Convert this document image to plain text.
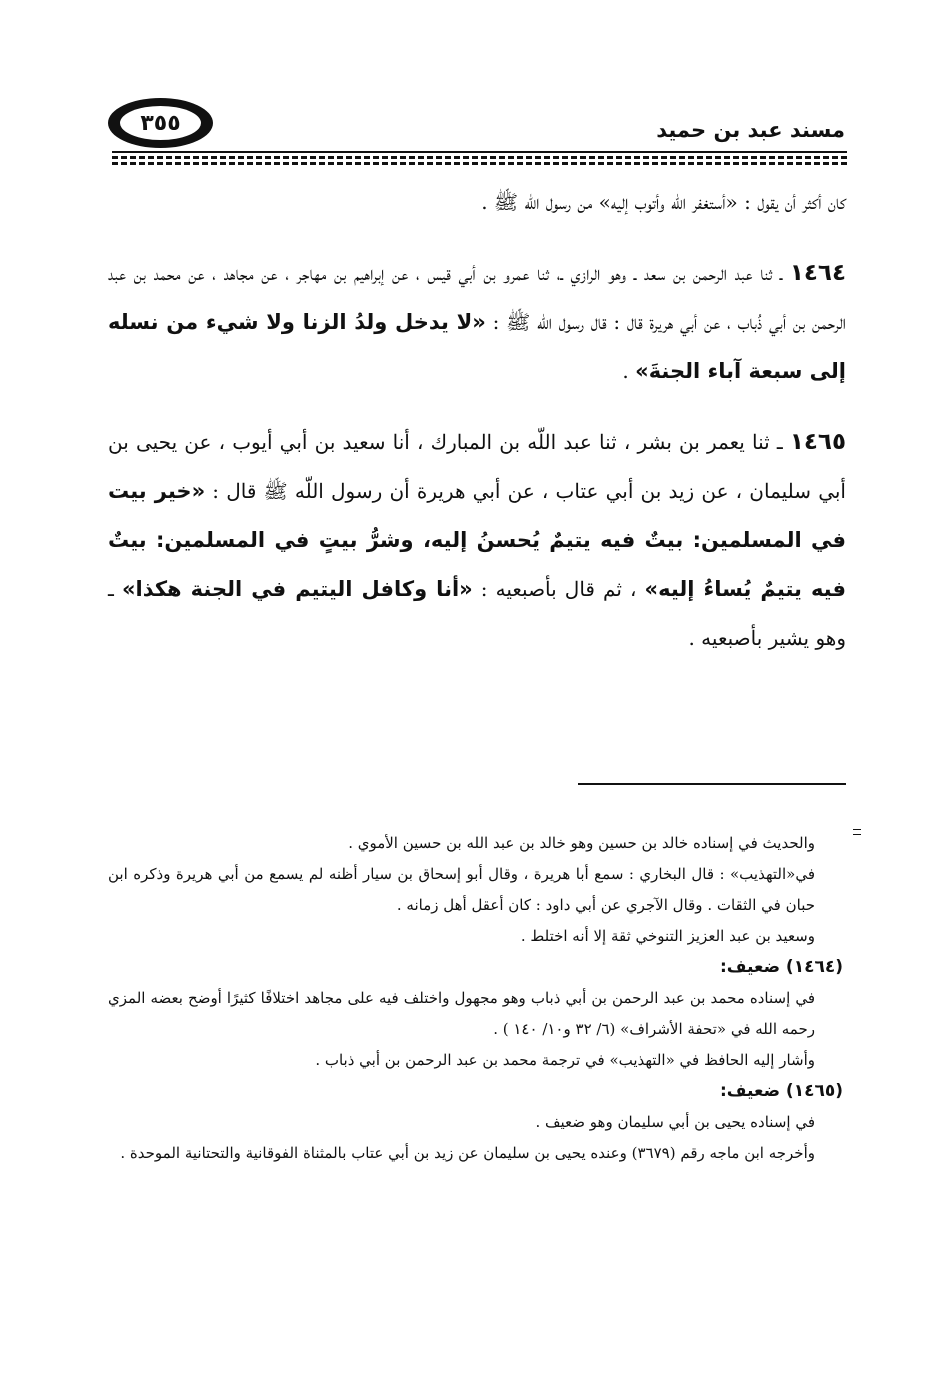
٣٥٥	مسند عبد بن حميد

كان أكثر أن يقول : «أستغفر اللّه وأتوب إليه» من رسول اللّه ﷺ .

١٤٦٤ ـ ثنا عبد الرحمن بن سعد ـ وهو الرازي ـ، ثنا عمرو بن أبي قيس ، عن إبراهيم بن مهاجر ، عن مجاهد ، عن محمد بن عبد الرحمن بن أبي ذُباب ، عن أبي هريرة قال : قال رسول اللّه ﷺ : «لا يدخل ولدُ الزنا ولا شيء من نسله إلى سبعة آباء الجنةَ» .

١٤٦٥ ـ ثنا يعمر بن بشر ، ثنا عبد اللّه بن المبارك ، أنا سعيد بن أبي أيوب ، عن يحيى بن أبي سليمان ، عن زيد بن أبي عتاب ، عن أبي هريرة أن رسول اللّه ﷺ قال : «خير بيت في المسلمين: بيتٌ فيه يتيمٌ يُحسنُ إليه، وشرُّ بيتٍ في المسلمين: بيتٌ فيه يتيمٌ يُساءُ إليه» ، ثم قال بأصبعيه : «أنا وكافل اليتيم في الجنة هكذا» ـ وهو يشير بأصبعيه .

والحديث في إسناده خالد بن حسين وهو خالد بن عبد الله بن حسين الأموي .

في«التهذيب» : قال البخاري : سمع أبا هريرة ، وقال أبو إسحاق بن سيار أظنه لم يسمع من أبي هريرة وذكره ابن حبان في الثقات . وقال الآجري عن أبي داود : كان أعقل أهل زمانه .

وسعيد بن عبد العزيز التنوخي ثقة إلا أنه اختلط .

(١٤٦٤) ضعيف:

في إسناده محمد بن عبد الرحمن بن أبي ذباب وهو مجهول واختلف فيه على مجاهد اختلافًا كثيرًا أوضح بعضه المزي رحمه الله في «تحفة الأشراف» (٦/ ٣٢ و١٠/ ١٤٠ ) .

وأشار إليه الحافظ في «التهذيب» في ترجمة محمد بن عبد الرحمن بن أبي ذباب .

(١٤٦٥) ضعيف:

في إسناده يحيى بن أبي سليمان وهو ضعيف .

وأخرجه ابن ماجه رقم (٣٦٧٩) وعنده يحيى بن سليمان عن زيد بن أبي عتاب بالمثناة الفوقانية والتحتانية الموحدة .
